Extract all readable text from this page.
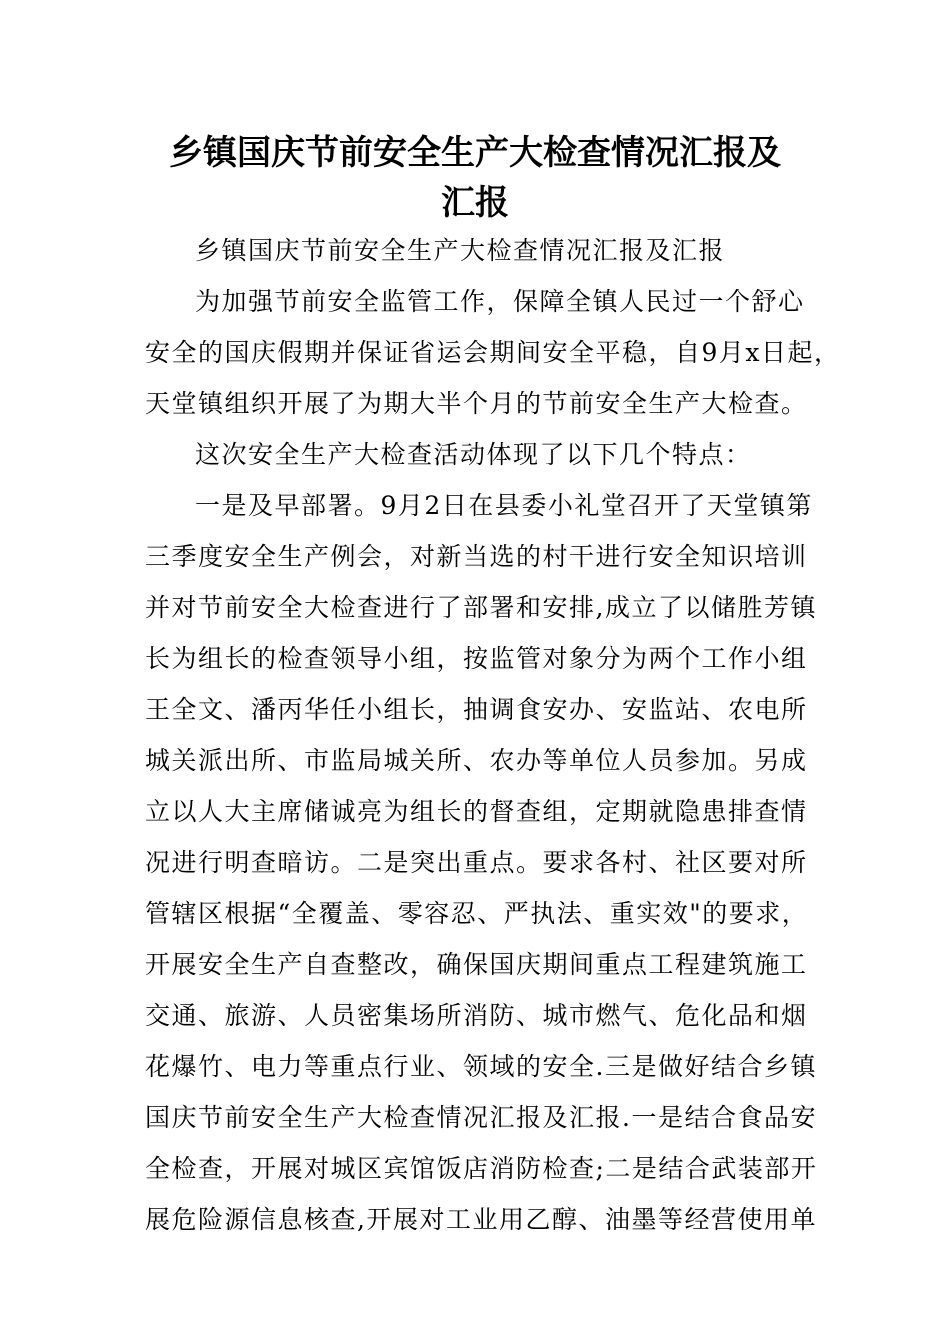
乡镇国庆节前安全生产大检查情况汇报及
汇报
乡镇国庆节前安全生产大检查情况汇报及汇报
为加强节前安全监管工作，保障全镇人民过一个舒心
安全的国庆假期并保证省运会期间安全平稳，自9月x日起，
天堂镇组织开展了为期大半个月的节前安全生产大检查。
这次安全生产大检查活动体现了以下几个特点：
一是及早部署。9月2日在县委小礼堂召开了天堂镇第
三季度安全生产例会，对新当选的村干进行安全知识培训
并对节前安全大检查进行了部署和安排,成立了以储胜芳镇
长为组长的检查领导小组，按监管对象分为两个工作小组
王全文、潘丙华任小组长，抽调食安办、安监站、农电所
城关派出所、市监局城关所、农办等单位人员参加。另成
立以人大主席储诚亮为组长的督查组，定期就隐患排查情
况进行明查暗访。二是突出重点。要求各村、社区要对所
管辖区根据“全覆盖、零容忍、严执法、重实效"的要求，
开展安全生产自查整改，确保国庆期间重点工程建筑施工
交通、旅游、人员密集场所消防、城市燃气、危化品和烟
花爆竹、电力等重点行业、领域的安全.三是做好结合乡镇
国庆节前安全生产大检查情况汇报及汇报.一是结合食品安
全检查，开展对城区宾馆饭店消防检查;二是结合武装部开
展危险源信息核查,开展对工业用乙醇、油墨等经营使用单
